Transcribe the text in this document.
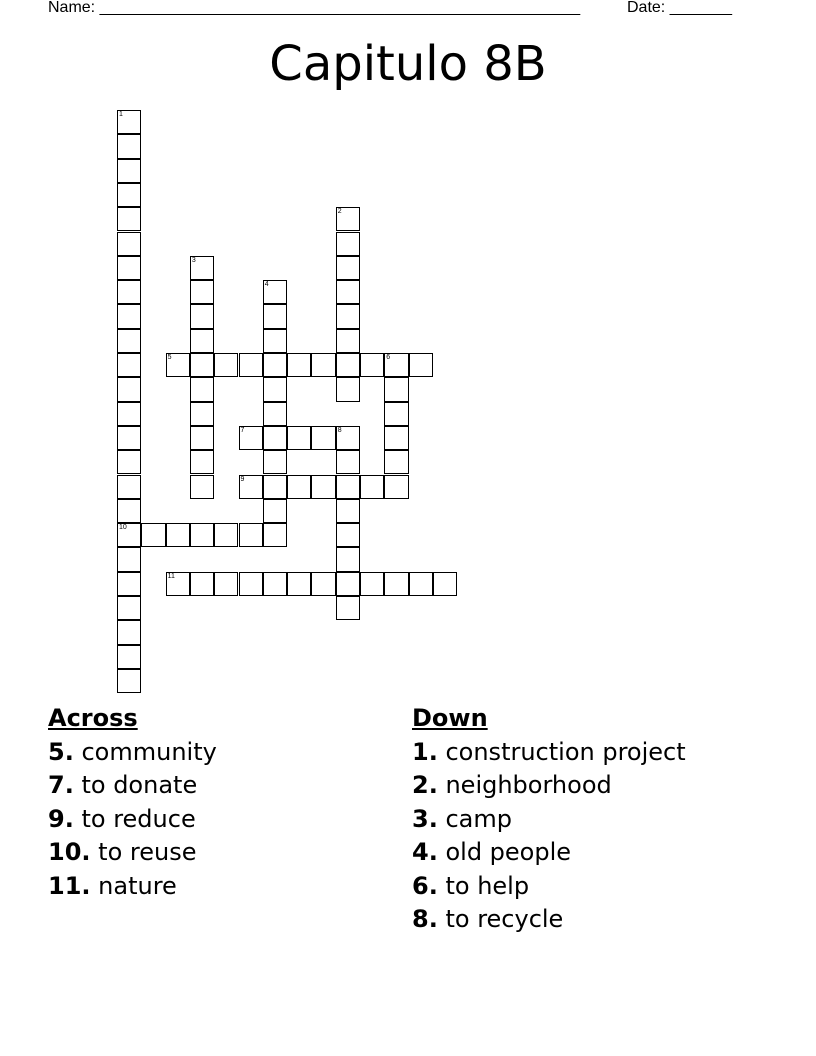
Name: ______________________________________________________	Date: _______
Capitulo 8B
1
10
2
3
4
5	6
7	8
9
11
Across
5. community
7. to donate
9. to reduce
10. to reuse
11. nature
Down
1. construction project
2. neighborhood
3. camp
4. old people
6. to help
8. to recycle
